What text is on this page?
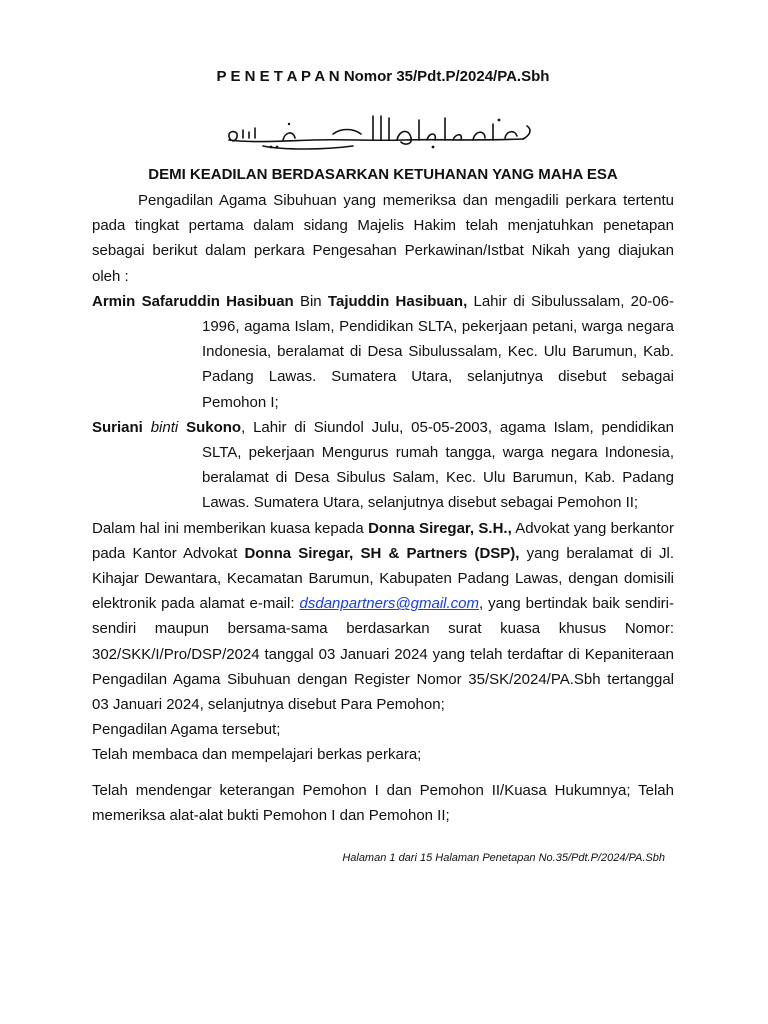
P E N E T A P A N Nomor 35/Pdt.P/2024/PA.Sbh
DEMI KEADILAN BERDASARKAN KETUHANAN YANG MAHA ESA

Pengadilan Agama Sibuhuan yang memeriksa dan mengadili perkara tertentu pada tingkat pertama dalam sidang Majelis Hakim telah menjatuhkan penetapan sebagai berikut dalam perkara Pengesahan Perkawinan/Istbat Nikah yang diajukan oleh :

Armin Safaruddin Hasibuan Bin Tajuddin Hasibuan, Lahir di Sibulussalam, 20-06-1996, agama Islam, Pendidikan SLTA, pekerjaan petani, warga negara Indonesia, beralamat di Desa Sibulussalam, Kec. Ulu Barumun, Kab. Padang Lawas. Sumatera Utara, selanjutnya disebut sebagai Pemohon I;

Suriani binti Sukono, Lahir di Siundol Julu, 05-05-2003, agama Islam, pendidikan SLTA, pekerjaan Mengurus rumah tangga, warga negara Indonesia, beralamat di Desa Sibulus Salam, Kec. Ulu Barumun, Kab. Padang Lawas. Sumatera Utara, selanjutnya disebut sebagai Pemohon II;

Dalam hal ini memberikan kuasa kepada Donna Siregar, S.H., Advokat yang berkantor pada Kantor Advokat Donna Siregar, SH & Partners (DSP), yang beralamat di Jl. Kihajar Dewantara, Kecamatan Barumun, Kabupaten Padang Lawas, dengan domisili elektronik pada alamat e-mail: dsdanpartners@gmail.com, yang bertindak baik sendiri-sendiri maupun bersama-sama berdasarkan surat kuasa khusus Nomor: 302/SKK/I/Pro/DSP/2024 tanggal 03 Januari 2024 yang telah terdaftar di Kepaniteraan Pengadilan Agama Sibuhuan dengan Register Nomor 35/SK/2024/PA.Sbh tertanggal 03 Januari 2024, selanjutnya disebut Para Pemohon;

Pengadilan Agama tersebut;

Telah membaca dan mempelajari berkas perkara;

Telah mendengar keterangan Pemohon I dan Pemohon II/Kuasa Hukumnya; Telah memeriksa alat-alat bukti Pemohon I dan Pemohon II;

Halaman 1 dari 15 Halaman Penetapan No.35/Pdt.P/2024/PA.Sbh
